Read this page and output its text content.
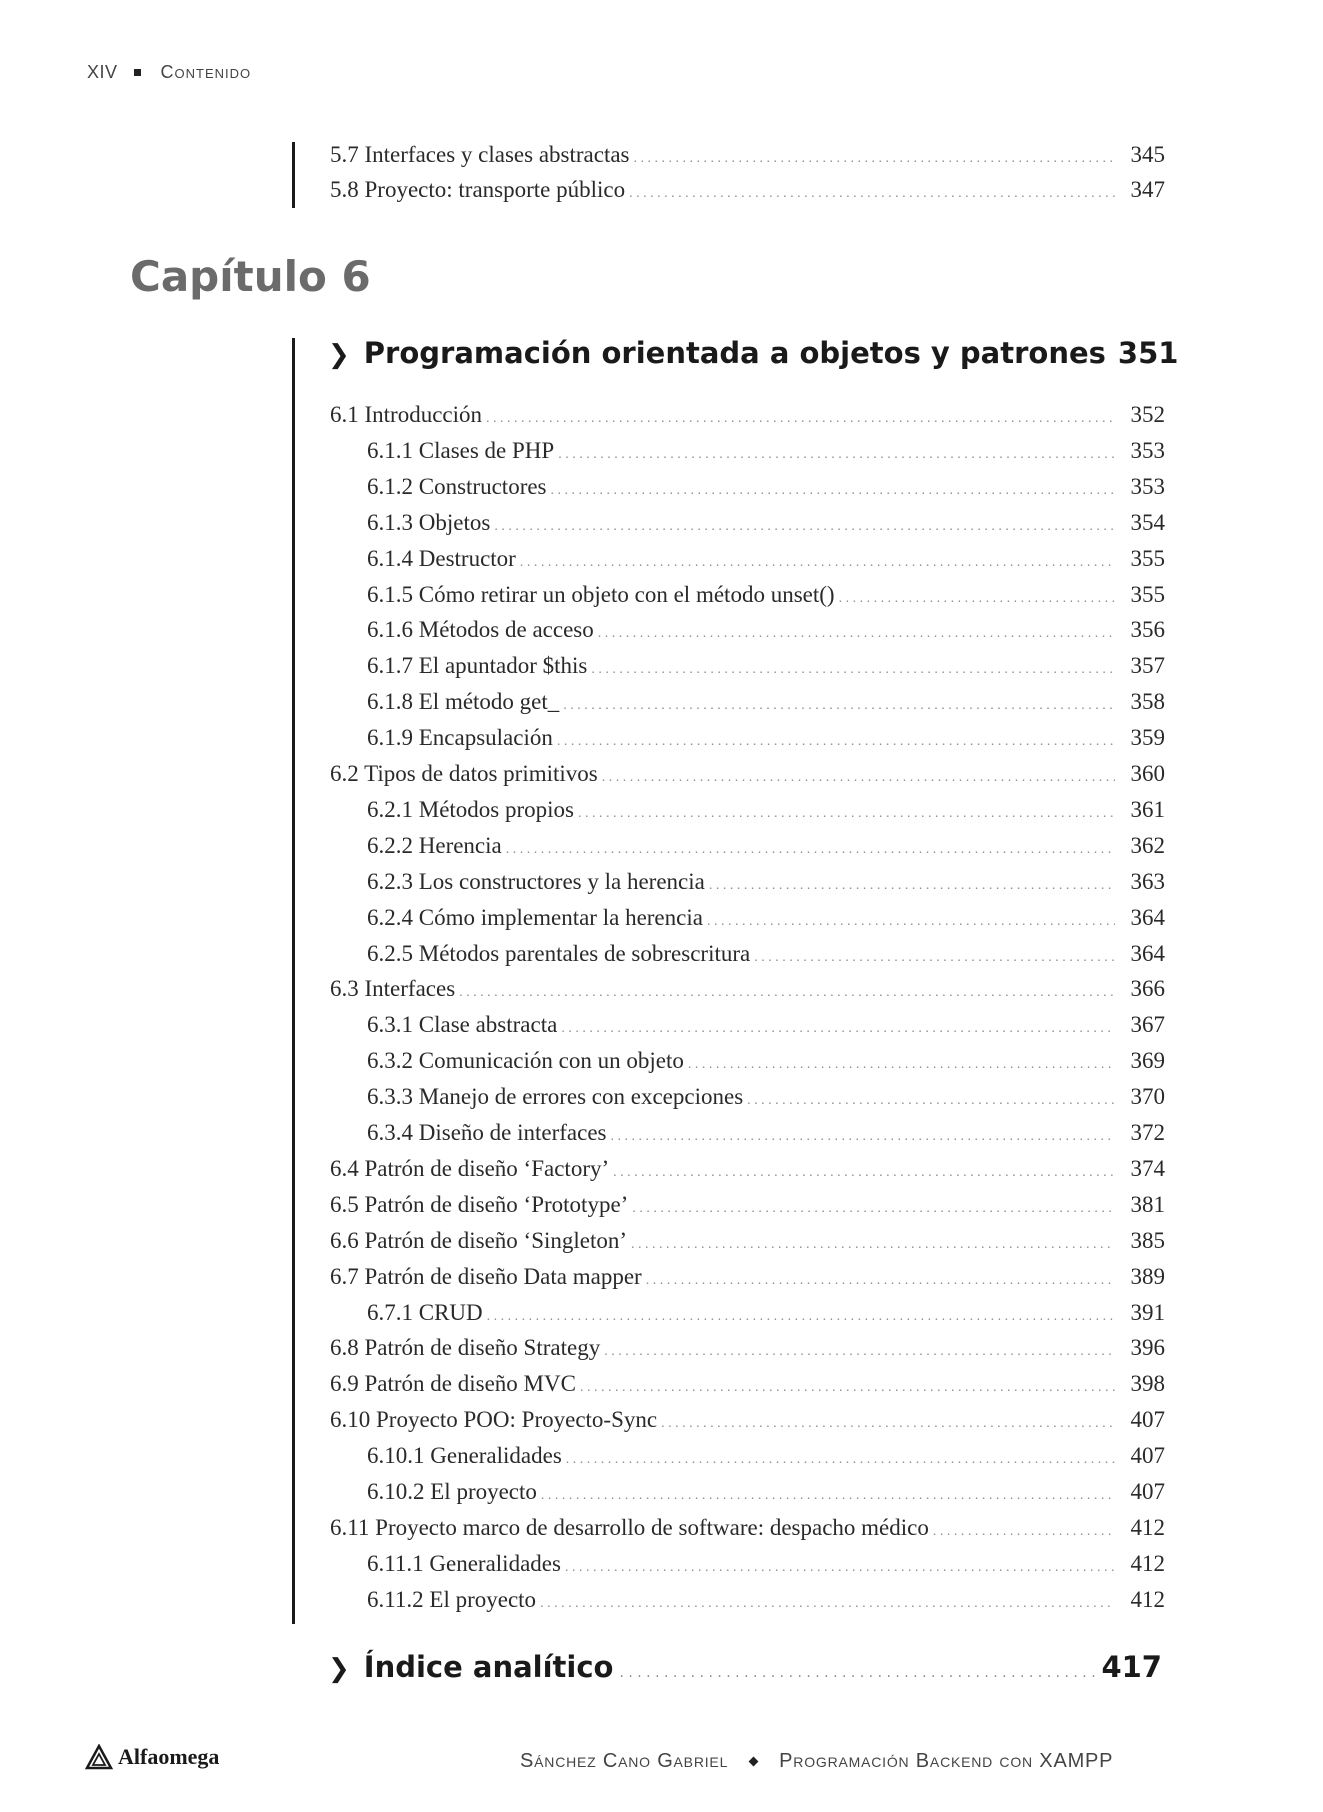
XIV Contenido
5.7 Interfaces y clases abstractas . . .	345
5.8 Proyecto: transporte público . . .	347
Capítulo 6
❯ Programación orientada a objetos y patrones 351
6.1 Introducción . . .	352
6.1.1 Clases de PHP . . .	353
6.1.2 Constructores . . .	353
6.1.3 Objetos . . .	354
6.1.4 Destructor . . .	355
6.1.5 Cómo retirar un objeto con el método unset() . . .	355
6.1.6 Métodos de acceso . . .	356
6.1.7 El apuntador $this . . .	357
6.1.8 El método get_ . . .	358
6.1.9 Encapsulación . . .	359
6.2 Tipos de datos primitivos . . .	360
6.2.1 Métodos propios . . .	361
6.2.2 Herencia . . .	362
6.2.3 Los constructores y la herencia . . .	363
6.2.4 Cómo implementar la herencia . . .	364
6.2.5 Métodos parentales de sobrescritura . . .	364
6.3 Interfaces . . .	366
6.3.1 Clase abstracta . . .	367
6.3.2 Comunicación con un objeto . . .	369
6.3.3 Manejo de errores con excepciones . . .	370
6.3.4 Diseño de interfaces . . .	372
6.4 Patrón de diseño ‘Factory’ . . .	374
6.5 Patrón de diseño ‘Prototype’ . . .	381
6.6 Patrón de diseño ‘Singleton’ . . .	385
6.7 Patrón de diseño Data mapper . . .	389
6.7.1 CRUD . . .	391
6.8 Patrón de diseño Strategy . . .	396
6.9 Patrón de diseño MVC . . .	398
6.10 Proyecto POO: Proyecto-Sync . . .	407
6.10.1 Generalidades . . .	407
6.10.2 El proyecto . . .	407
6.11 Proyecto marco de desarrollo de software: despacho médico . . .	412
6.11.1 Generalidades . . .	412
6.11.2 El proyecto . . .	412
❯ Índice analítico . . .	417
Alfaomega	Sánchez Cano Gabriel	Programación Backend con XAMPP
